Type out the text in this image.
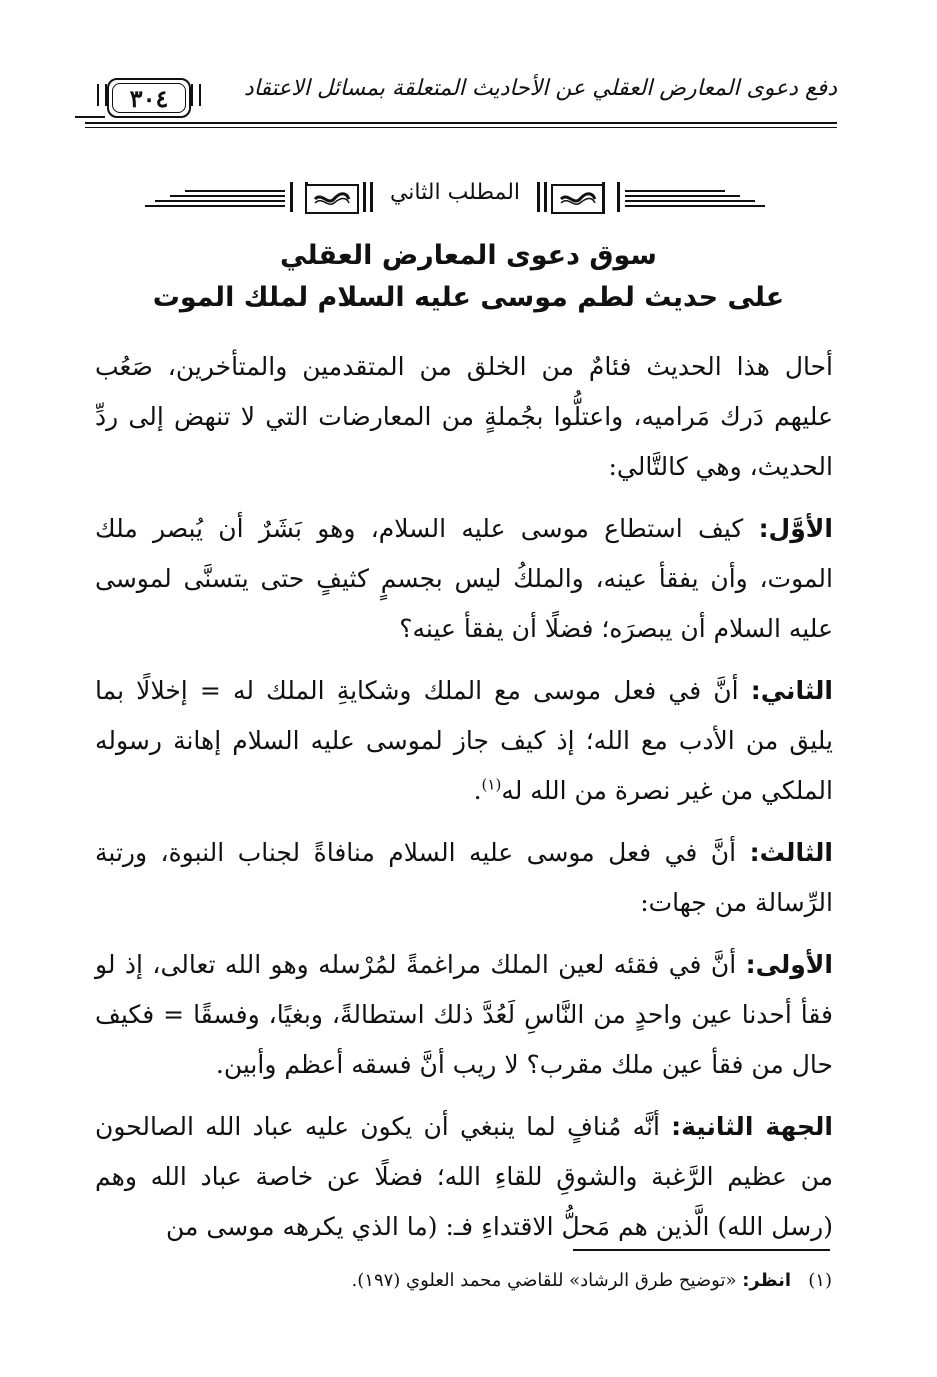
دفع دعوى المعارض العقلي عن الأحاديث المتعلقة بمسائل الاعتقاد
٣٠٤
المطلب الثاني
سوق دعوى المعارض العقلي
على حديث لطم موسى عليه السلام لملك الموت

أحال هذا الحديث فئامٌ من الخلق من المتقدمين والمتأخرين، صَعُب عليهم دَرك مَراميه، واعتلُّوا بجُملةٍ من المعارضات التي لا تنهض إلى ردِّ الحديث، وهي كالتَّالي:

الأوَّل: كيف استطاع موسى عليه السلام، وهو بَشَرٌ أن يُبصر ملك الموت، وأن يفقأ عينه، والملكُ ليس بجسمٍ كثيفٍ حتى يتسنَّى لموسى عليه السلام أن يبصرَه؛ فضلًا أن يفقأ عينه؟

الثاني: أنَّ في فعل موسى مع الملك وشكايةِ الملك له = إخلالًا بما يليق من الأدب مع الله؛ إذ كيف جاز لموسى عليه السلام إهانة رسوله الملكي من غير نصرة من الله له$^{(١)}$.

الثالث: أنَّ في فعل موسى عليه السلام منافاةً لجناب النبوة، ورتبة الرِّسالة من جهات:

الأولى: أنَّ في فقئه لعين الملك مراغمةً لمُرْسله وهو الله تعالى، إذ لو فقأ أحدنا عين واحدٍ من النَّاسِ لَعُدَّ ذلك استطالةً، وبغيًا، وفسقًا = فكيف حال من فقأ عين ملك مقرب؟ لا ريب أنَّ فسقه أعظم وأبين.

الجهة الثانية: أنَّه مُنافٍ لما ينبغي أن يكون عليه عباد الله الصالحون من عظيم الرَّغبة والشوقِ للقاءِ الله؛ فضلًا عن خاصة عباد الله وهم (رسل الله) الَّذين هم مَحلُّ الاقتداءِ فـ: (ما الذي يكرهه موسى من

(١)   انظر: «توضيح طرق الرشاد» للقاضي محمد العلوي (١٩٧).
